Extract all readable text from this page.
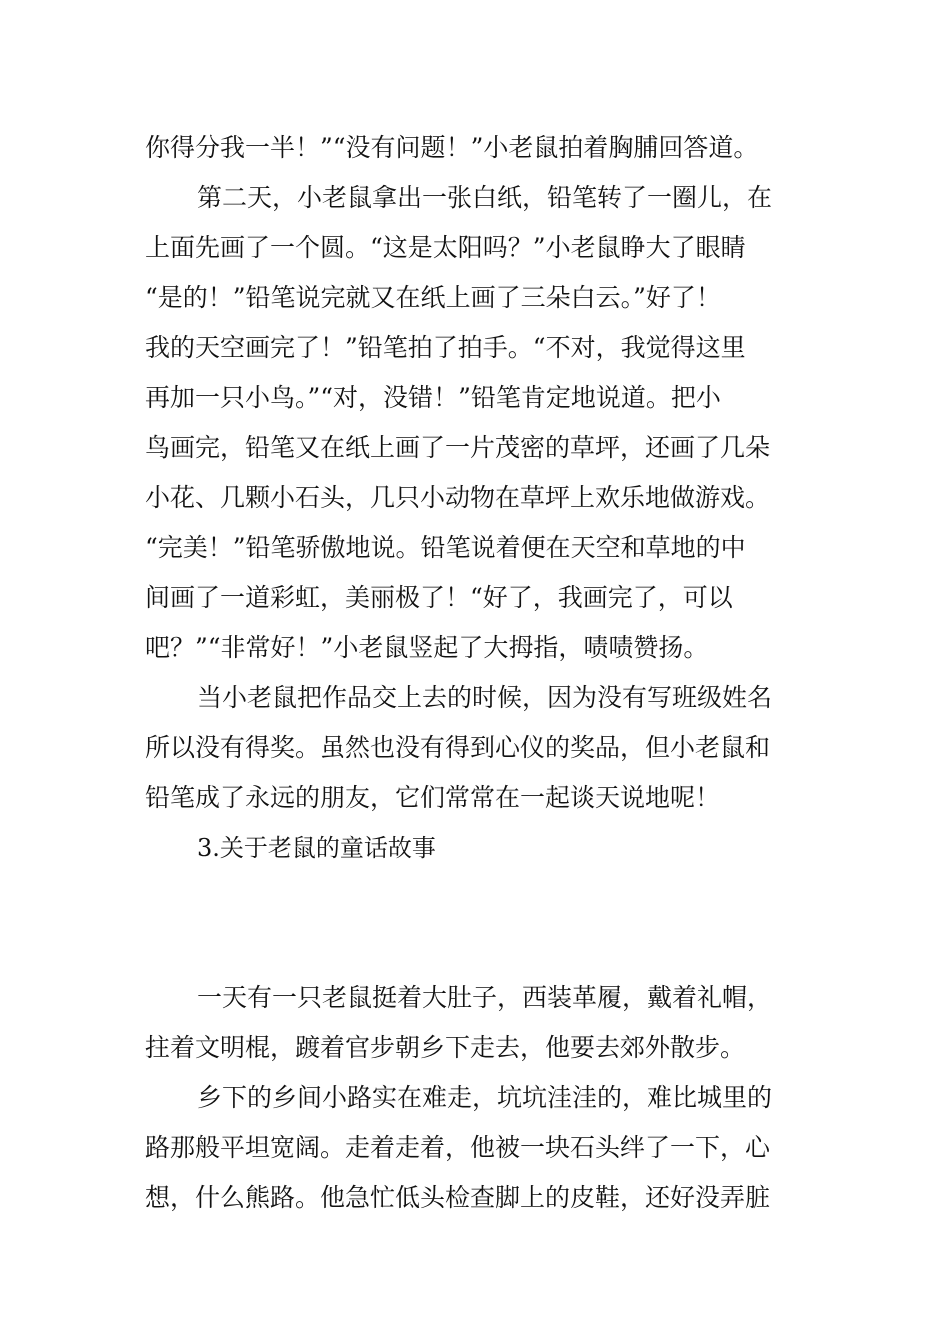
你得分我一半！”“没有问题！”小老鼠拍着胸脯回答道。
第二天，小老鼠拿出一张白纸，铅笔转了一圈儿，在
上面先画了一个圆。“这是太阳吗？”小老鼠睁大了眼睛
“是的！”铅笔说完就又在纸上画了三朵白云。”好了！
我的天空画完了！”铅笔拍了拍手。“不对，我觉得这里
再加一只小鸟。”“对，没错！”铅笔肯定地说道。把小
鸟画完，铅笔又在纸上画了一片茂密的草坪，还画了几朵
小花、几颗小石头，几只小动物在草坪上欢乐地做游戏。
“完美！”铅笔骄傲地说。铅笔说着便在天空和草地的中
间画了一道彩虹，美丽极了！“好了，我画完了，可以
吧？”“非常好！”小老鼠竖起了大拇指，啧啧赞扬。
当小老鼠把作品交上去的时候，因为没有写班级姓名
所以没有得奖。虽然也没有得到心仪的奖品，但小老鼠和
铅笔成了永远的朋友，它们常常在一起谈天说地呢！
3.关于老鼠的童话故事
一天有一只老鼠挺着大肚子，西装革履，戴着礼帽，
拄着文明棍，踱着官步朝乡下走去，他要去郊外散步。
乡下的乡间小路实在难走，坑坑洼洼的，难比城里的
路那般平坦宽阔。走着走着，他被一块石头绊了一下，心
想，什么熊路。他急忙低头检查脚上的皮鞋，还好没弄脏
